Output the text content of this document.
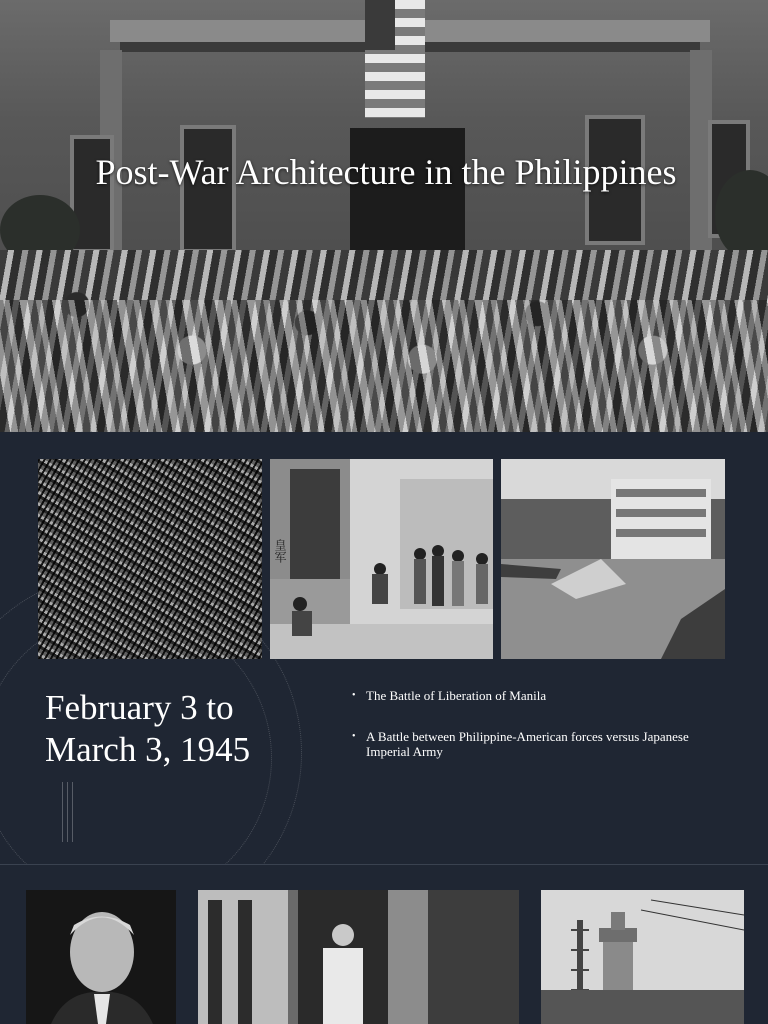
Post-War Architecture in the Philippines
皇军
February 3 to March 3, 1945
• The Battle of Liberation of Manila
• A Battle between Philippine-American forces versus Japanese Imperial Army
